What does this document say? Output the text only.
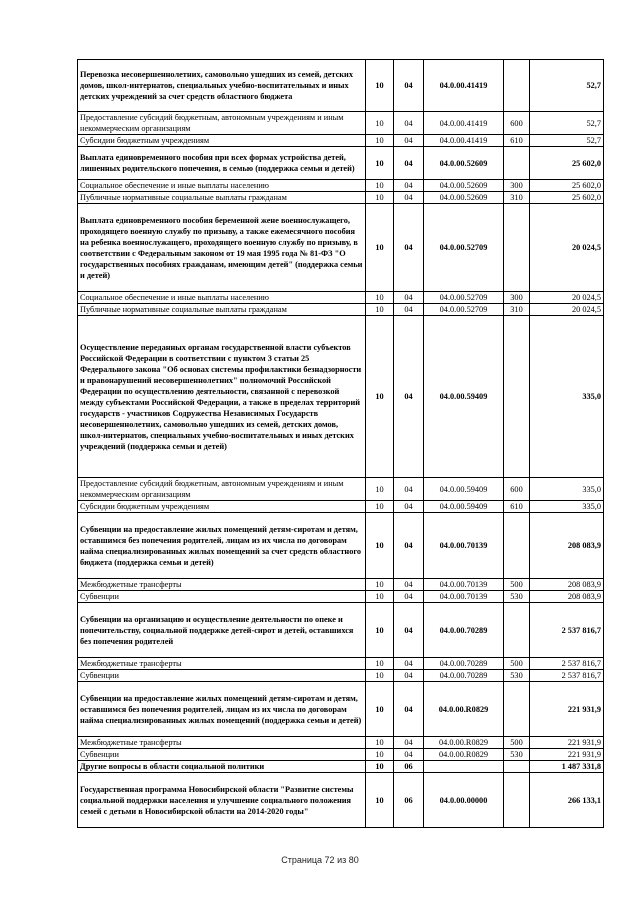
Перевозка несовершеннолетних, самовольно ушедших из семей, детских домов, школ-интернатов, специальных учебно-воспитательных и иных детских учреждений за счет средств областного бюджета	10	04	04.0.00.41419		52,7
Предоставление субсидий бюджетным, автономным учреждениям и иным некоммерческим организациям	10	04	04.0.00.41419	600	52,7
Субсидии бюджетным учреждениям	10	04	04.0.00.41419	610	52,7
Выплата единовременного пособия при всех формах устройства детей, лишенных родительского попечения, в семью (поддержка семьи и детей)	10	04	04.0.00.52609		25 602,0
Социальное обеспечение и иные выплаты населению	10	04	04.0.00.52609	300	25 602,0
Публичные нормативные социальные выплаты гражданам	10	04	04.0.00.52609	310	25 602,0
Выплата единовременного пособия беременной жене военнослужащего, проходящего военную службу по призыву, а также ежемесячного пособия на ребенка военнослужащего, проходящего военную службу по призыву, в соответствии с Федеральным законом от 19 мая 1995 года № 81-ФЗ "О государственных пособиях гражданам, имеющим детей" (поддержка семьи и детей)	10	04	04.0.00.52709		20 024,5
Социальное обеспечение и иные выплаты населению	10	04	04.0.00.52709	300	20 024,5
Публичные нормативные социальные выплаты гражданам	10	04	04.0.00.52709	310	20 024,5
Осуществление переданных органам государственной власти субъектов Российской Федерации в соответствии с пунктом 3 статьи 25 Федерального закона "Об основах системы профилактики безнадзорности и правонарушений несовершеннолетних" полномочий Российской Федерации по осуществлению деятельности, связанной с перевозкой между субъектами Российской Федерации, а также в пределах территорий государств - участников Содружества Независимых Государств несовершеннолетних, самовольно ушедших из семей, детских домов, школ-интернатов, специальных учебно-воспитательных и иных детских учреждений (поддержка семьи и детей)	10	04	04.0.00.59409		335,0
Предоставление субсидий бюджетным, автономным учреждениям и иным некоммерческим организациям	10	04	04.0.00.59409	600	335,0
Субсидии бюджетным учреждениям	10	04	04.0.00.59409	610	335,0
Субвенции на предоставление жилых помещений детям-сиротам и детям, оставшимся без попечения родителей, лицам из их числа по договорам найма специализированных жилых помещений за счет средств областного бюджета (поддержка семьи и детей)	10	04	04.0.00.70139		208 083,9
Межбюджетные трансферты	10	04	04.0.00.70139	500	208 083,9
Субвенции	10	04	04.0.00.70139	530	208 083,9
Субвенции на организацию и осуществление деятельности по опеке и попечительству, социальной поддержке детей-сирот и детей, оставшихся без попечения родителей	10	04	04.0.00.70289		2 537 816,7
Межбюджетные трансферты	10	04	04.0.00.70289	500	2 537 816,7
Субвенции	10	04	04.0.00.70289	530	2 537 816,7
Субвенции на предоставление жилых помещений детям-сиротам и детям, оставшимся без попечения родителей, лицам из их числа по договорам найма специализированных жилых помещений (поддержка семьи и детей)	10	04	04.0.00.R0829		221 931,9
Межбюджетные трансферты	10	04	04.0.00.R0829	500	221 931,9
Субвенции	10	04	04.0.00.R0829	530	221 931,9
Другие вопросы в области социальной политики	10	06			1 487 331,8
Государственная программа Новосибирской области "Развитие системы социальной поддержки населения и улучшение социального положения семей с детьми в Новосибирской области на 2014-2020 годы"	10	06	04.0.00.00000		266 133,1
Страница 72 из 80
